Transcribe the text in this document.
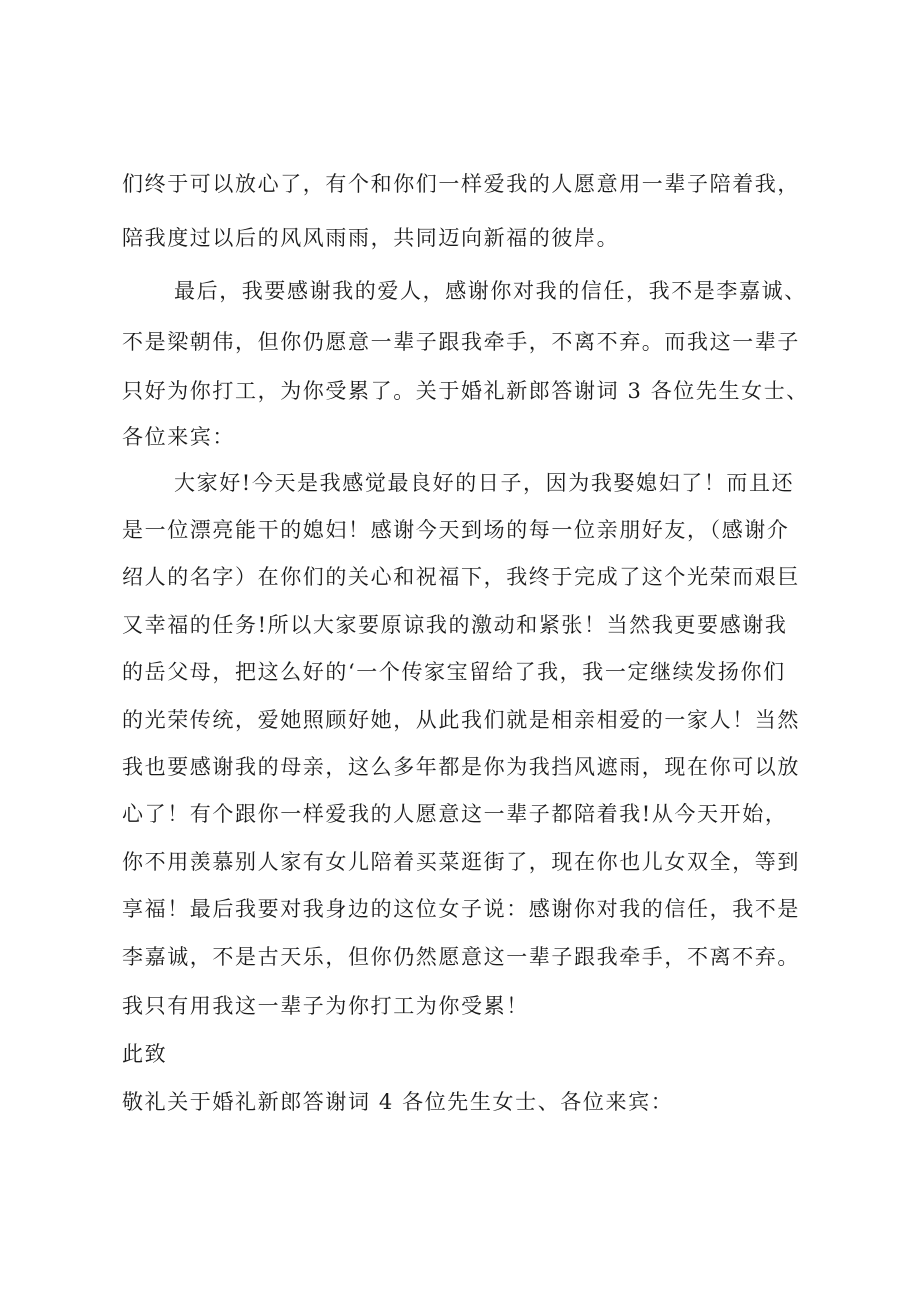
们终于可以放心了，有个和你们一样爱我的人愿意用一辈子陪着我，

陪我度过以后的风风雨雨，共同迈向新福的彼岸。

最后，我要感谢我的爱人，感谢你对我的信任，我不是李嘉诚、

不是梁朝伟，但你仍愿意一辈子跟我牵手，不离不弃。而我这一辈子

只好为你打工，为你受累了。关于婚礼新郎答谢词 3 各位先生女士、

各位来宾：

大家好!今天是我感觉最良好的日子，因为我娶媳妇了！而且还

是一位漂亮能干的媳妇！感谢今天到场的每一位亲朋好友，（感谢介

绍人的名字）在你们的关心和祝福下，我终于完成了这个光荣而艰巨

又幸福的任务!所以大家要原谅我的激动和紧张！当然我更要感谢我

的岳父母，把这么好的‘一个传家宝留给了我，我一定继续发扬你们

的光荣传统，爱她照顾好她，从此我们就是相亲相爱的一家人！当然

我也要感谢我的母亲，这么多年都是你为我挡风遮雨，现在你可以放

心了！有个跟你一样爱我的人愿意这一辈子都陪着我!从今天开始，

你不用羡慕别人家有女儿陪着买菜逛街了，现在你也儿女双全，等到

享福！最后我要对我身边的这位女子说：感谢你对我的信任，我不是

李嘉诚，不是古天乐，但你仍然愿意这一辈子跟我牵手，不离不弃。

我只有用我这一辈子为你打工为你受累！

此致

敬礼关于婚礼新郎答谢词 4 各位先生女士、各位来宾：
